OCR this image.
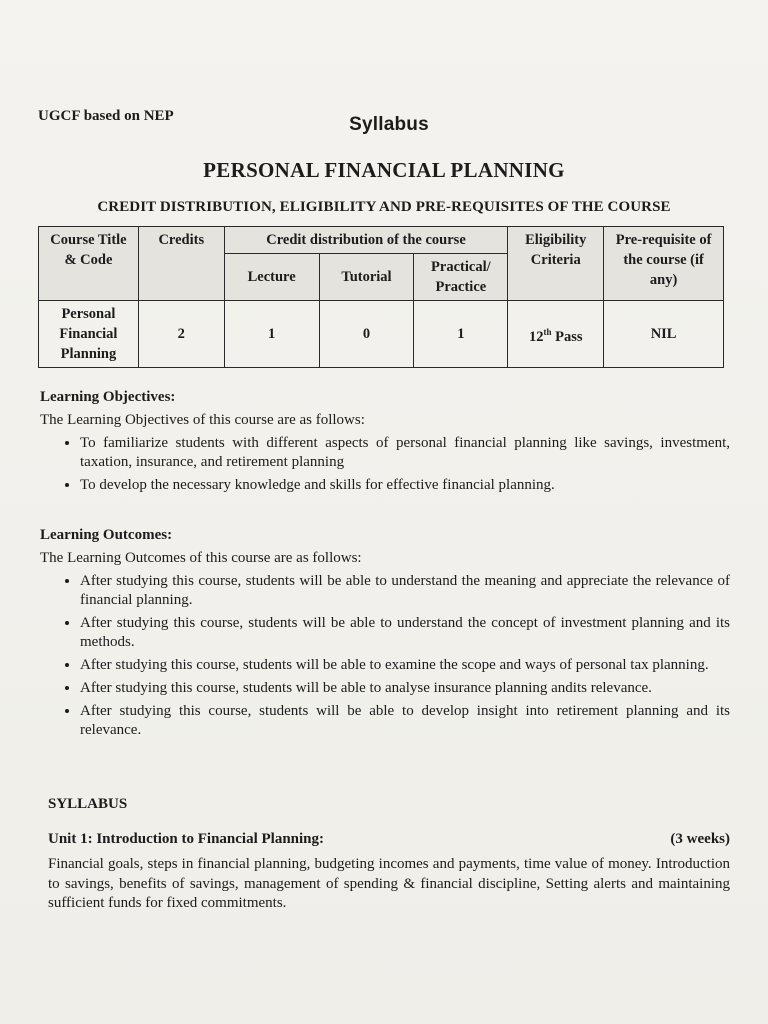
UGCF based on NEP	Syllabus
PERSONAL FINANCIAL PLANNING
CREDIT DISTRIBUTION, ELIGIBILITY AND PRE-REQUISITES OF THE COURSE
Course Title & Code	Credits	Credit distribution of the course			Eligibility Criteria	Pre-requisite of the course (if any)
		Lecture	Tutorial	Practical/ Practice		
Personal Financial Planning	2	1	0	1	12th Pass	NIL
Learning Objectives:

The Learning Objectives of this course are as follows:

• To familiarize students with different aspects of personal financial planning like savings, investment, taxation, insurance, and retirement planning
• To develop the necessary knowledge and skills for effective financial planning.
Learning Outcomes:

The Learning Outcomes of this course are as follows:

• After studying this course, students will be able to understand the meaning and appreciate the relevance of financial planning.
• After studying this course, students will be able to understand the concept of investment planning and its methods.
• After studying this course, students will be able to examine the scope and ways of personal tax planning.
• After studying this course, students will be able to analyse insurance planning andits relevance.
• After studying this course, students will be able to develop insight into retirement planning and its relevance.
SYLLABUS
Unit 1: Introduction to Financial Planning:	(3 weeks)
Financial goals, steps in financial planning, budgeting incomes and payments, time value of money. Introduction to savings, benefits of savings, management of spending & financial discipline, Setting alerts and maintaining sufficient funds for fixed commitments.
